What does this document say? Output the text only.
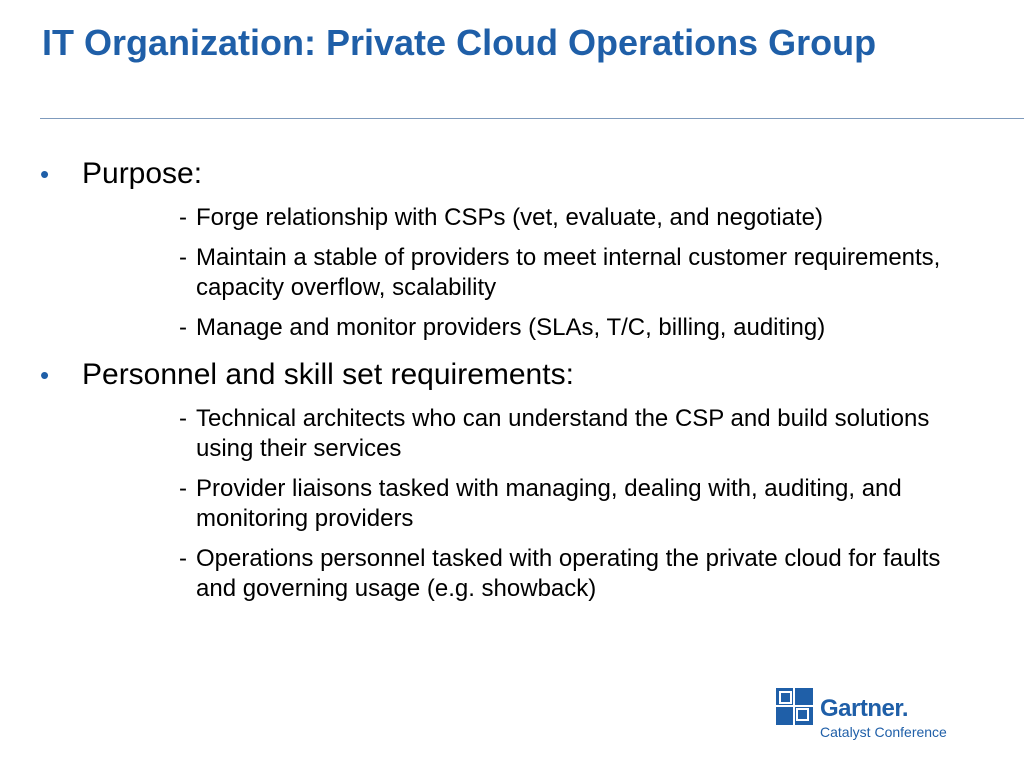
IT Organization: Private Cloud Operations Group
• Purpose:
- Forge relationship with CSPs (vet, evaluate, and negotiate)
- Maintain a stable of providers to meet internal customer requirements, capacity overflow, scalability
- Manage and monitor providers (SLAs, T/C, billing, auditing)
• Personnel and skill set requirements:
- Technical architects who can understand the CSP and build solutions using their services
- Provider liaisons tasked with managing, dealing with, auditing, and monitoring providers
- Operations personnel tasked with operating the private cloud for faults and governing usage (e.g. showback)
Gartner.
Catalyst Conference
